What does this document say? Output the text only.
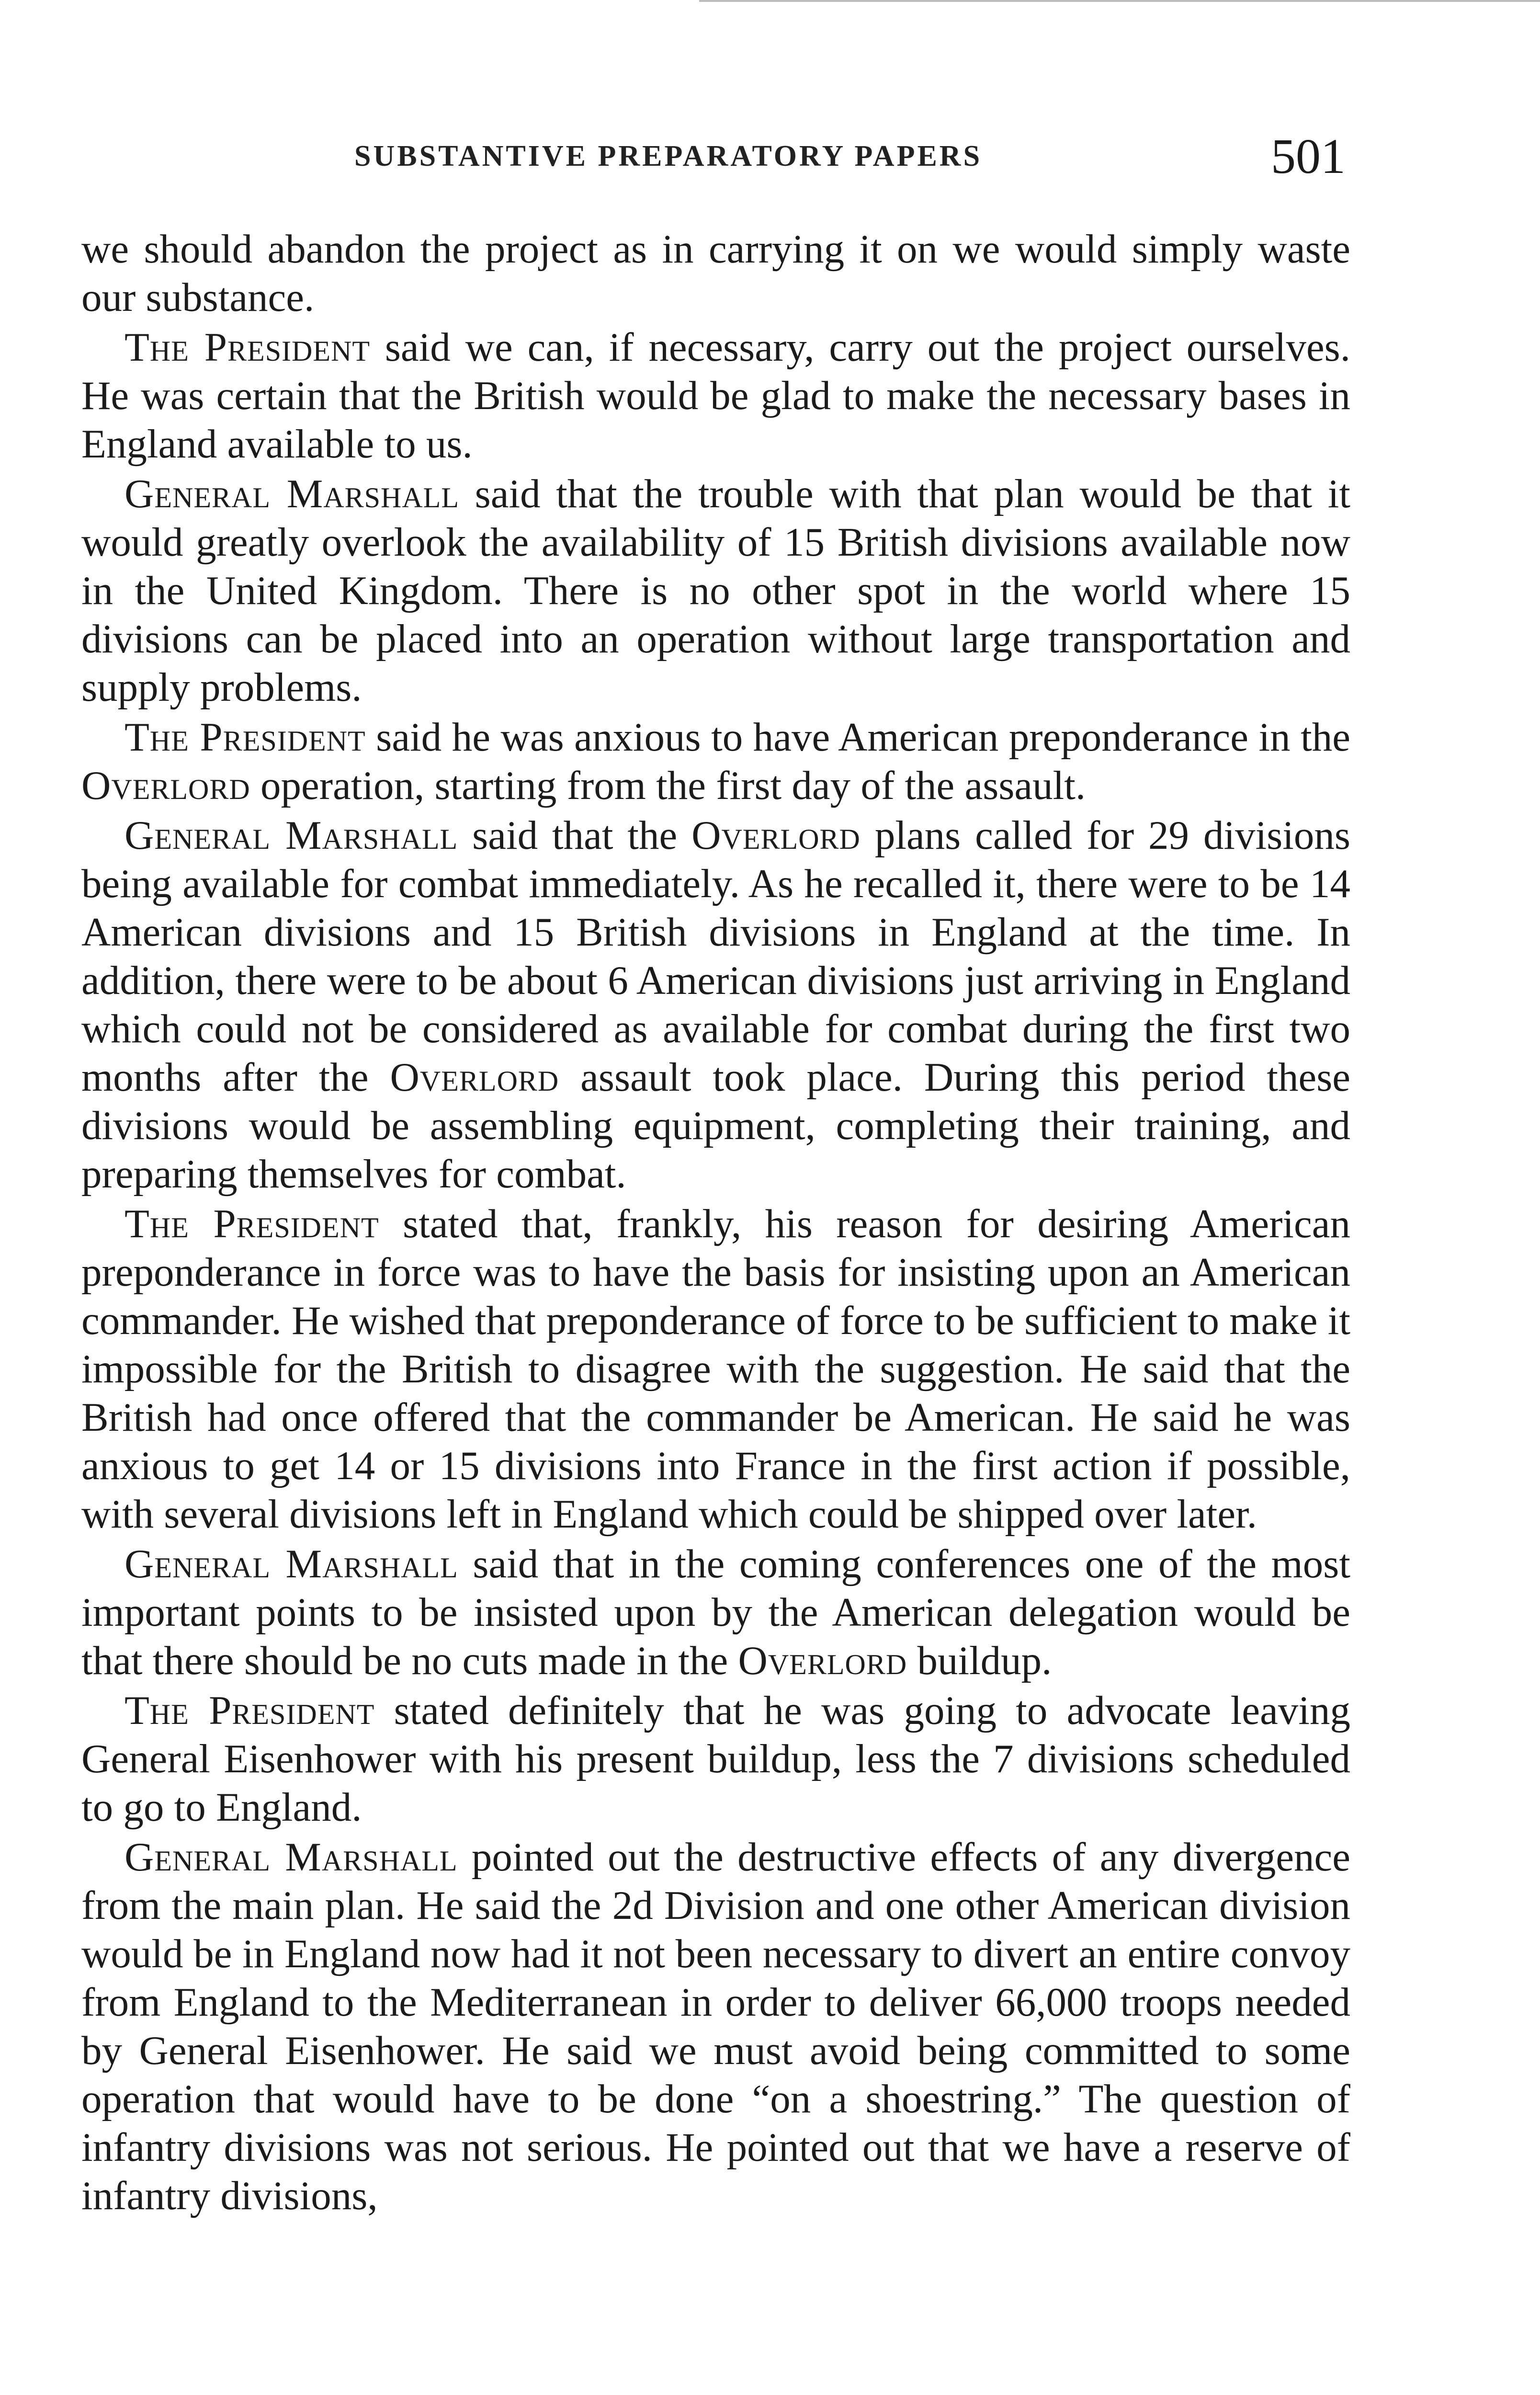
SUBSTANTIVE PREPARATORY PAPERS	501

we should abandon the project as in carrying it on we would simply waste our substance.

The President said we can, if necessary, carry out the project ourselves. He was certain that the British would be glad to make the necessary bases in England available to us.

General Marshall said that the trouble with that plan would be that it would greatly overlook the availability of 15 British divisions available now in the United Kingdom. There is no other spot in the world where 15 divisions can be placed into an operation without large transportation and supply problems.

The President said he was anxious to have American preponderance in the Overlord operation, starting from the first day of the assault.

General Marshall said that the Overlord plans called for 29 divisions being available for combat immediately. As he recalled it, there were to be 14 American divisions and 15 British divisions in England at the time. In addition, there were to be about 6 American divisions just arriving in England which could not be considered as available for combat during the first two months after the Overlord assault took place. During this period these divisions would be assembling equipment, completing their training, and preparing themselves for combat.

The President stated that, frankly, his reason for desiring American preponderance in force was to have the basis for insisting upon an American commander. He wished that preponderance of force to be sufficient to make it impossible for the British to disagree with the suggestion. He said that the British had once offered that the commander be American. He said he was anxious to get 14 or 15 divisions into France in the first action if possible, with several divisions left in England which could be shipped over later.

General Marshall said that in the coming conferences one of the most important points to be insisted upon by the American delegation would be that there should be no cuts made in the Overlord buildup.

The President stated definitely that he was going to advocate leaving General Eisenhower with his present buildup, less the 7 divisions scheduled to go to England.

General Marshall pointed out the destructive effects of any divergence from the main plan. He said the 2d Division and one other American division would be in England now had it not been necessary to divert an entire convoy from England to the Mediterranean in order to deliver 66,000 troops needed by General Eisenhower. He said we must avoid being committed to some operation that would have to be done “on a shoestring.” The question of infantry divisions was not serious. He pointed out that we have a reserve of infantry divisions,
